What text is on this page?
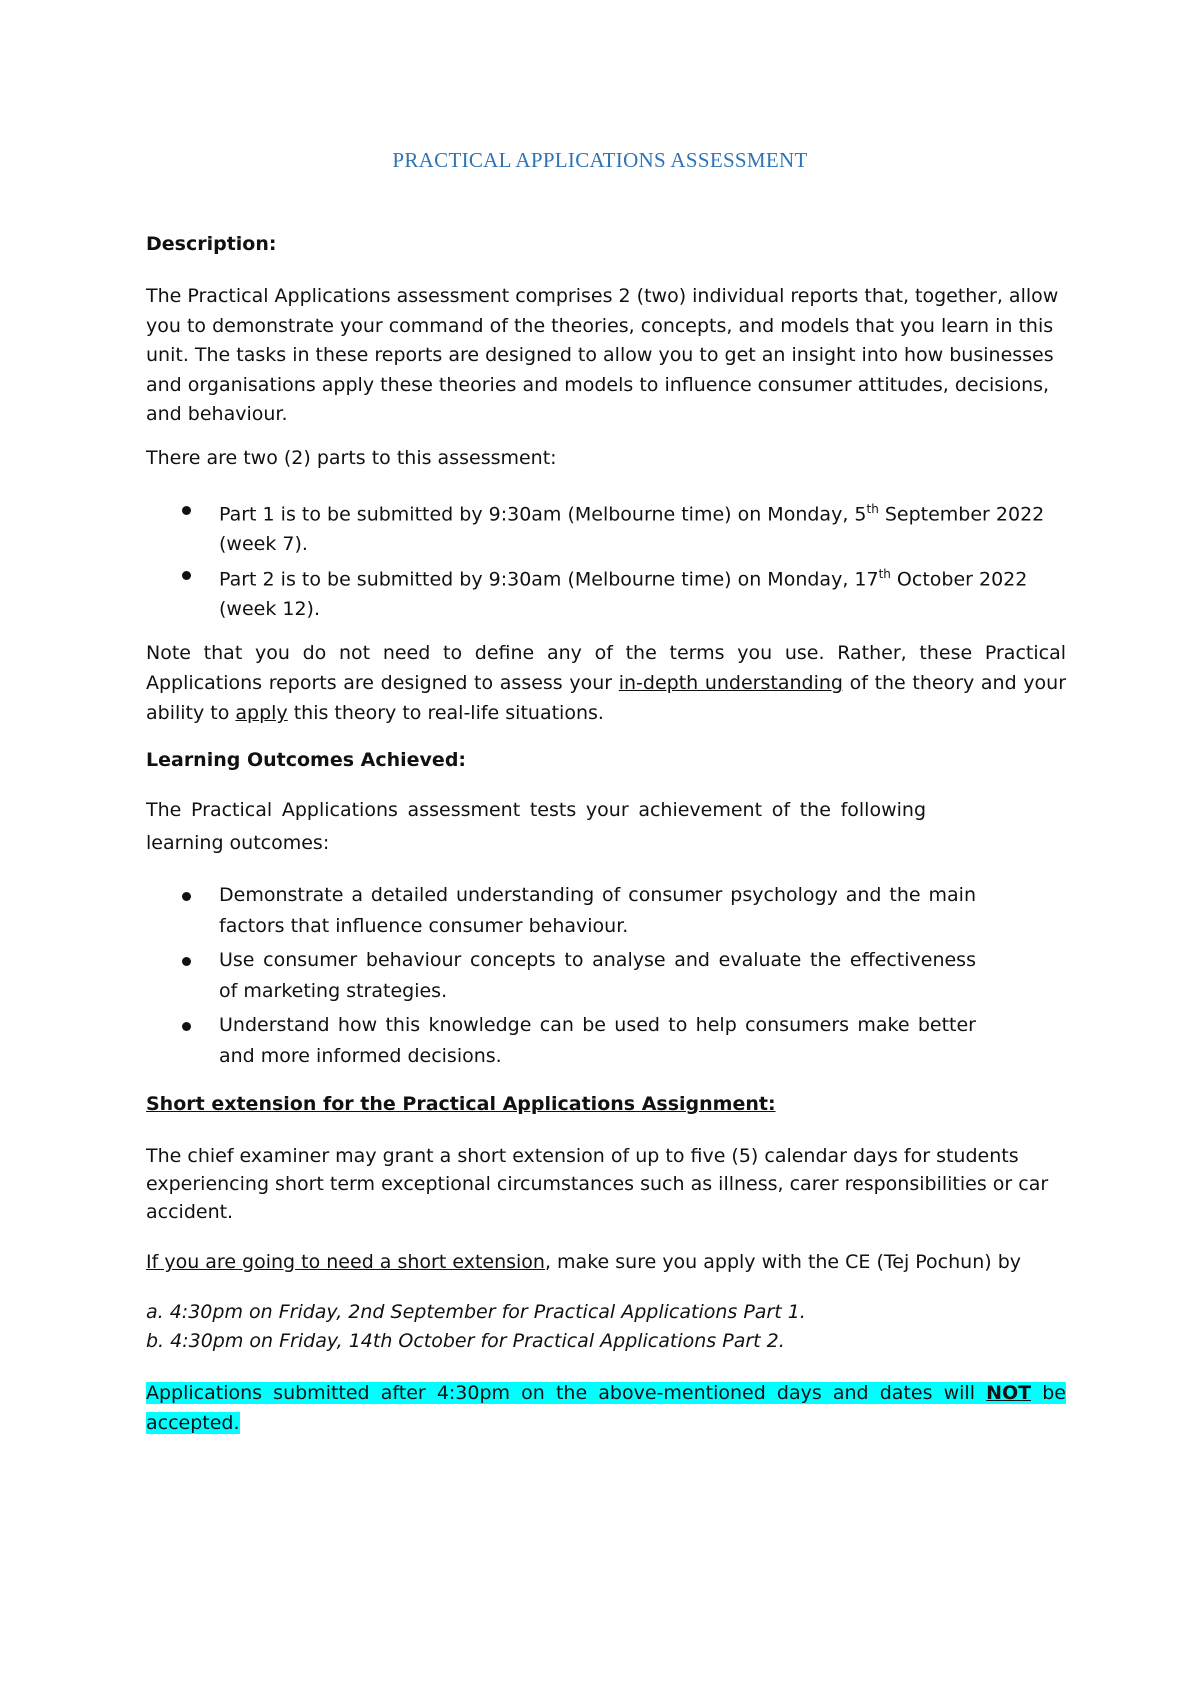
PRACTICAL APPLICATIONS ASSESSMENT

Description:

The Practical Applications assessment comprises 2 (two) individual reports that, together, allow you to demonstrate your command of the theories, concepts, and models that you learn in this unit. The tasks in these reports are designed to allow you to get an insight into how businesses and organisations apply these theories and models to influence consumer attitudes, decisions, and behaviour.

There are two (2) parts to this assessment:

Part 1 is to be submitted by 9:30am (Melbourne time) on Monday, 5th September 2022 (week 7).
Part 2 is to be submitted by 9:30am (Melbourne time) on Monday, 17th October 2022 (week 12).

Note that you do not need to define any of the terms you use. Rather, these Practical Applications reports are designed to assess your in-depth understanding of the theory and your ability to apply this theory to real-life situations.

Learning Outcomes Achieved:

The Practical Applications assessment tests your achievement of the following learning outcomes:

Demonstrate a detailed understanding of consumer psychology and the main factors that influence consumer behaviour.
Use consumer behaviour concepts to analyse and evaluate the effectiveness of marketing strategies.
Understand how this knowledge can be used to help consumers make better and more informed decisions.

Short extension for the Practical Applications Assignment:

The chief examiner may grant a short extension of up to five (5) calendar days for students experiencing short term exceptional circumstances such as illness, carer responsibilities or car accident.

If you are going to need a short extension, make sure you apply with the CE (Tej Pochun) by

a. 4:30pm on Friday, 2nd September for Practical Applications Part 1.

b. 4:30pm on Friday, 14th October for Practical Applications Part 2.

Applications submitted after 4:30pm on the above-mentioned days and dates will NOT be accepted.
